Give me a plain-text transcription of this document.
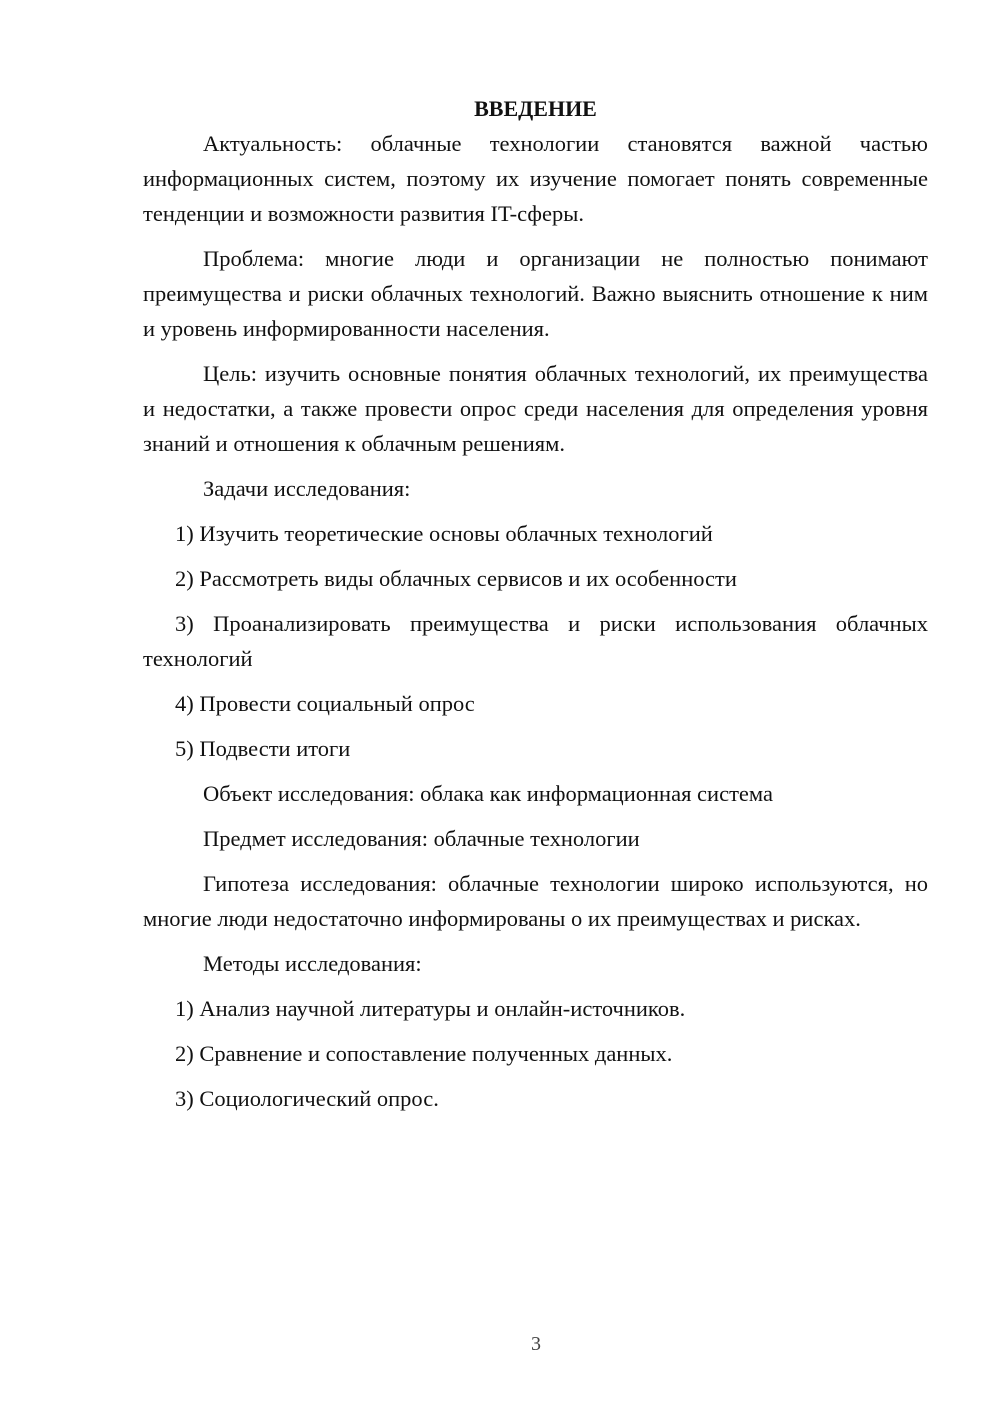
ВВЕДЕНИЕ

Актуальность: облачные технологии становятся важной частью информационных систем, поэтому их изучение помогает понять современные тенденции и возможности развития IT-сферы.

Проблема: многие люди и организации не полностью понимают преимущества и риски облачных технологий. Важно выяснить отношение к ним и уровень информированности населения.

Цель: изучить основные понятия облачных технологий, их преимущества и недостатки, а также провести опрос среди населения для определения уровня знаний и отношения к облачным решениям.

Задачи исследования:

1) Изучить теоретические основы облачных технологий

2) Рассмотреть виды облачных сервисов и их особенности

3) Проанализировать преимущества и риски использования облачных технологий

4) Провести социальный опрос

5) Подвести итоги

Объект исследования: облака как информационная система

Предмет исследования: облачные технологии

Гипотеза исследования: облачные технологии широко используются, но многие люди недостаточно информированы о их преимуществах и рисках.

Методы исследования:

1) Анализ научной литературы и онлайн-источников.

2) Сравнение и сопоставление полученных данных.

3) Социологический опрос.

3
